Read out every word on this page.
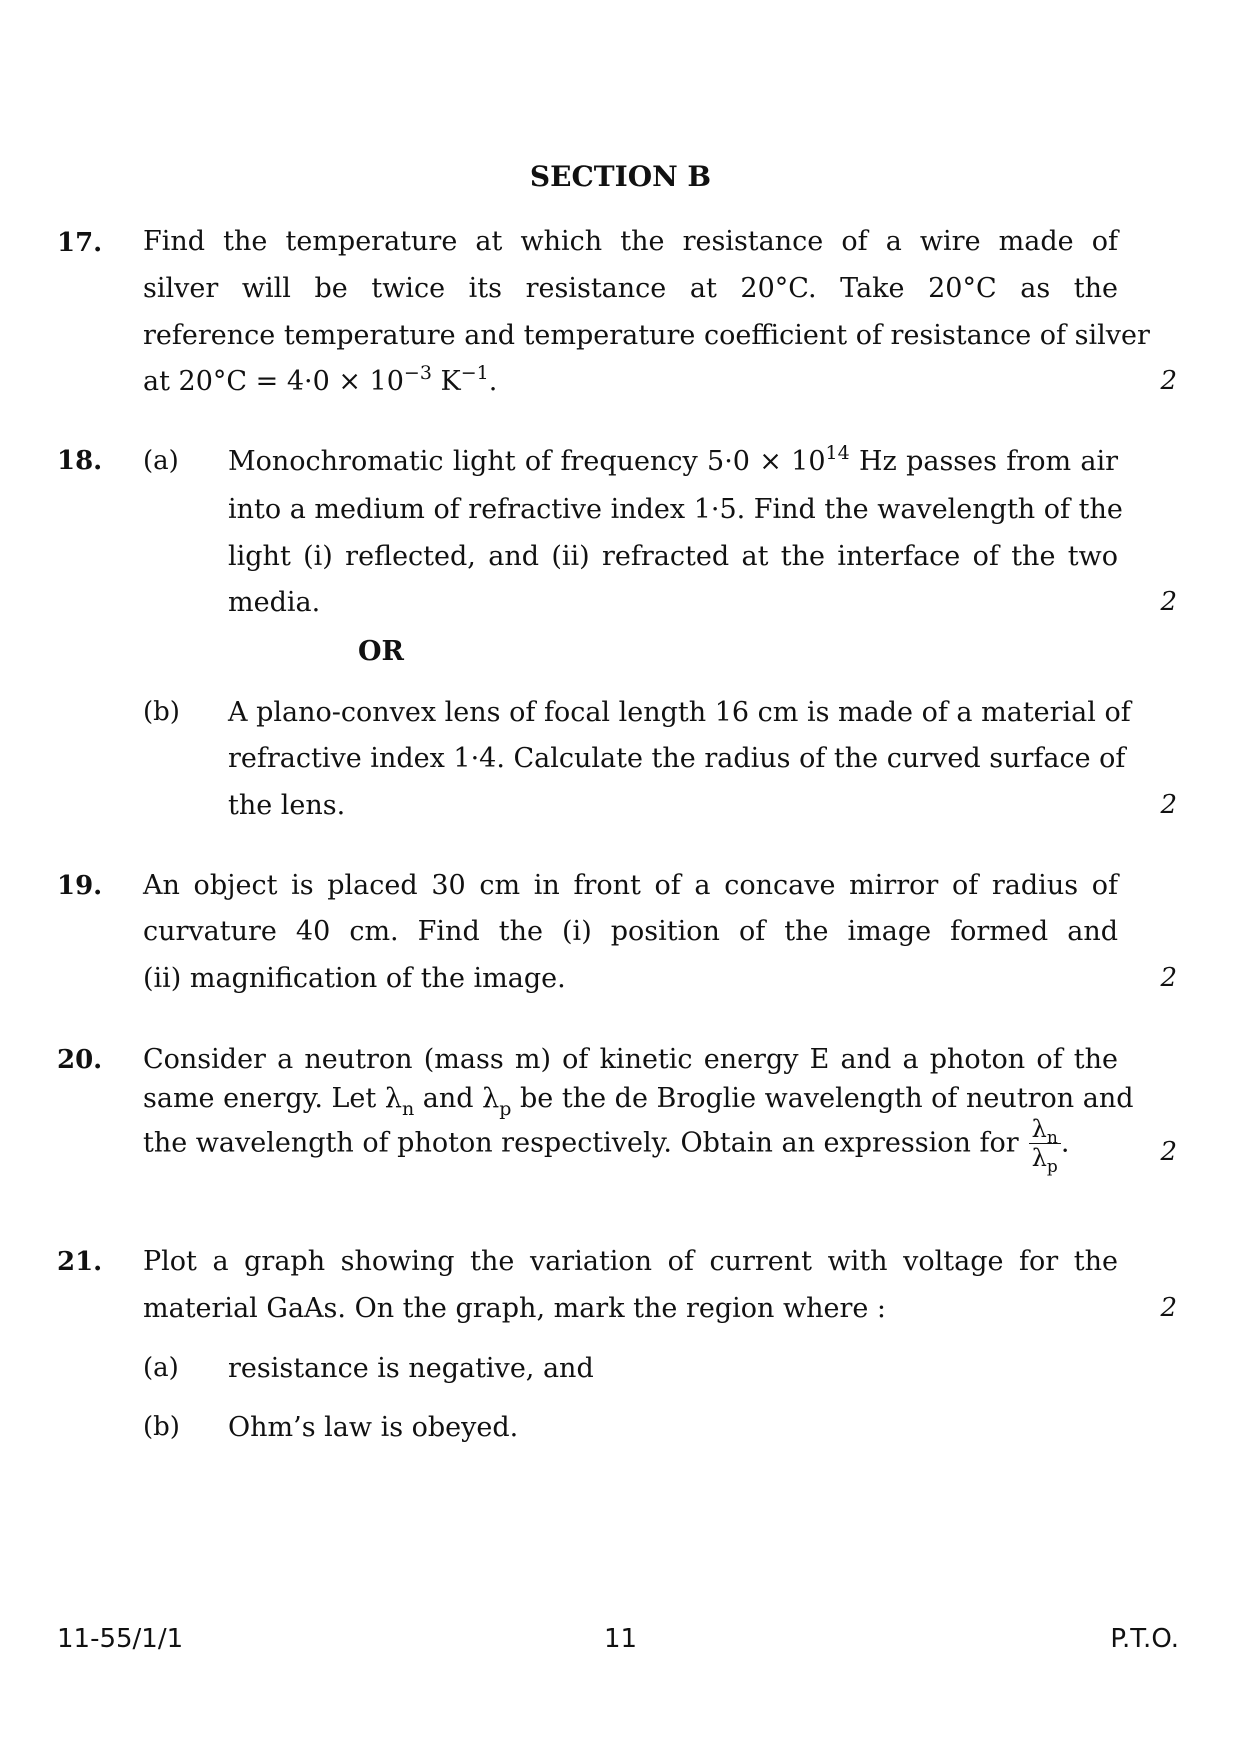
SECTION B
17. Find the temperature at which the resistance of a wire made of
silver will be twice its resistance at 20°C. Take 20°C as the
reference temperature and temperature coefficient of resistance of silver
at $20^\circ C = 4\cdot 0 \times 10^{-3}$ $K^{-1}$.	2
18. (a) Monochromatic light of frequency $5\cdot 0 \times 10^{14}$ Hz passes from air
into a medium of refractive index 1·5. Find the wavelength of the
light (i) reflected, and (ii) refracted at the interface of the two
media.	2
OR
(b) A plano-convex lens of focal length 16 cm is made of a material of
refractive index 1·4. Calculate the radius of the curved surface of
the lens.	2
19. An object is placed 30 cm in front of a concave mirror of radius of
curvature 40 cm. Find the (i) position of the image formed and
(ii) magnification of the image.	2
20. Consider a neutron (mass m) of kinetic energy E and a photon of the
same energy. Let $\lambda_n$ and $\lambda_p$ be the de Broglie wavelength of neutron and
the wavelength of photon respectively. Obtain an expression for $\frac{\lambda_n}{\lambda_p}$ .	2
21. Plot a graph showing the variation of current with voltage for the
material GaAs. On the graph, mark the region where :	2
(a) resistance is negative, and
(b) Ohm’s law is obeyed.
11-55/1/1	11	P.T.O.
